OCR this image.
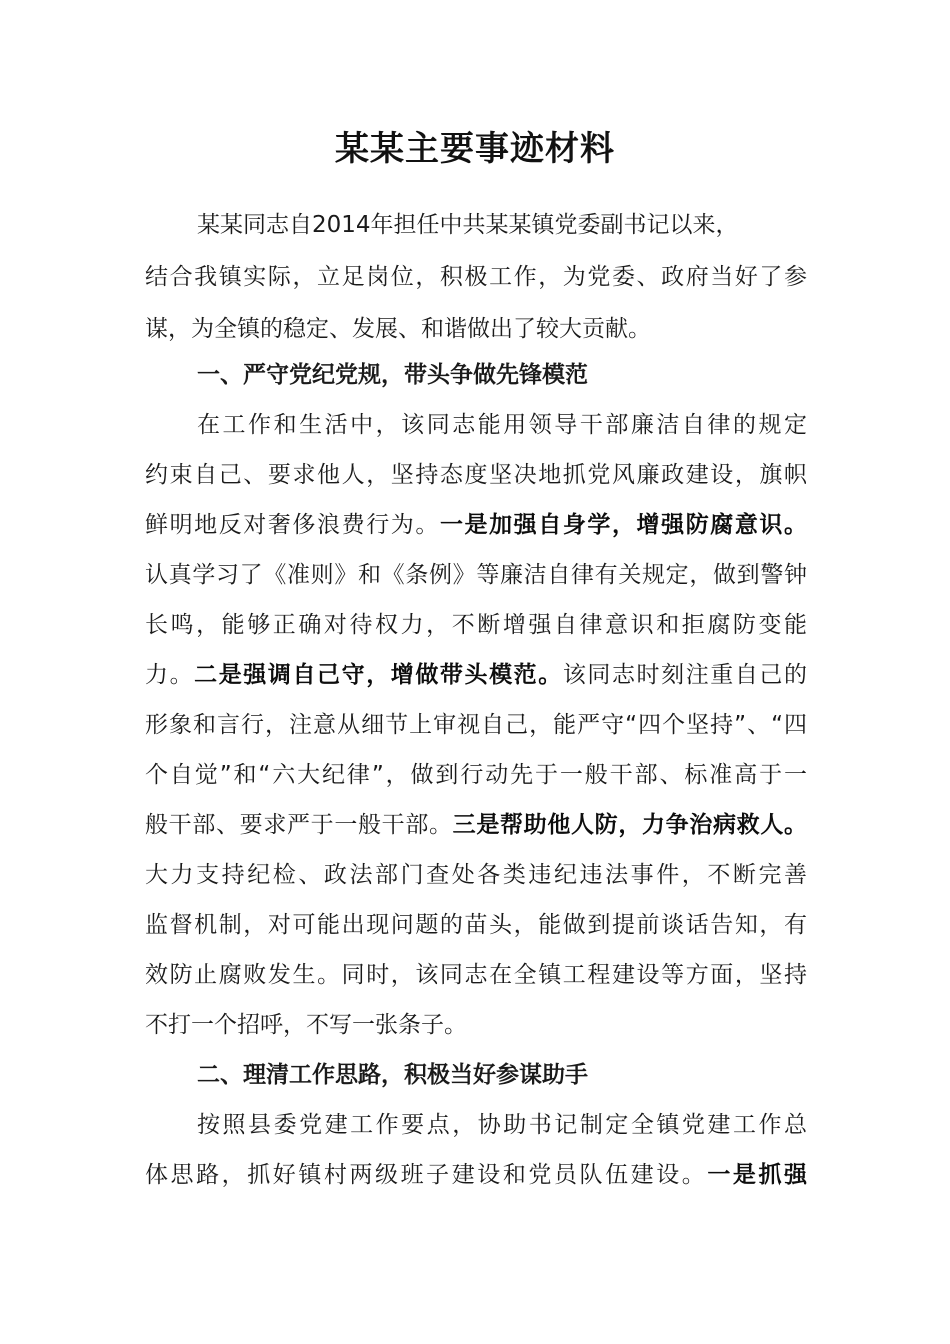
某某主要事迹材料
某某同志自2014年担任中共某某镇党委副书记以来，
结合我镇实际，立足岗位，积极工作，为党委、政府当好了参
谋，为全镇的稳定、发展、和谐做出了较大贡献。
一、严守党纪党规，带头争做先锋模范
在工作和生活中，该同志能用领导干部廉洁自律的规定
约束自己、要求他人，坚持态度坚决地抓党风廉政建设，旗帜
鲜明地反对奢侈浪费行为。一是加强自身学，增强防腐意识。
认真学习了《准则》和《条例》等廉洁自律有关规定，做到警钟
长鸣，能够正确对待权力，不断增强自律意识和拒腐防变能
力。二是强调自己守，增做带头模范。该同志时刻注重自己的
形象和言行，注意从细节上审视自己，能严守“四个坚持”、“四
个自觉”和“六大纪律”，做到行动先于一般干部、标准高于一
般干部、要求严于一般干部。三是帮助他人防，力争治病救人。
大力支持纪检、政法部门查处各类违纪违法事件，不断完善
监督机制，对可能出现问题的苗头，能做到提前谈话告知，有
效防止腐败发生。同时，该同志在全镇工程建设等方面，坚持
不打一个招呼，不写一张条子。
二、理清工作思路，积极当好参谋助手
按照县委党建工作要点，协助书记制定全镇党建工作总
体思路，抓好镇村两级班子建设和党员队伍建设。一是抓强
